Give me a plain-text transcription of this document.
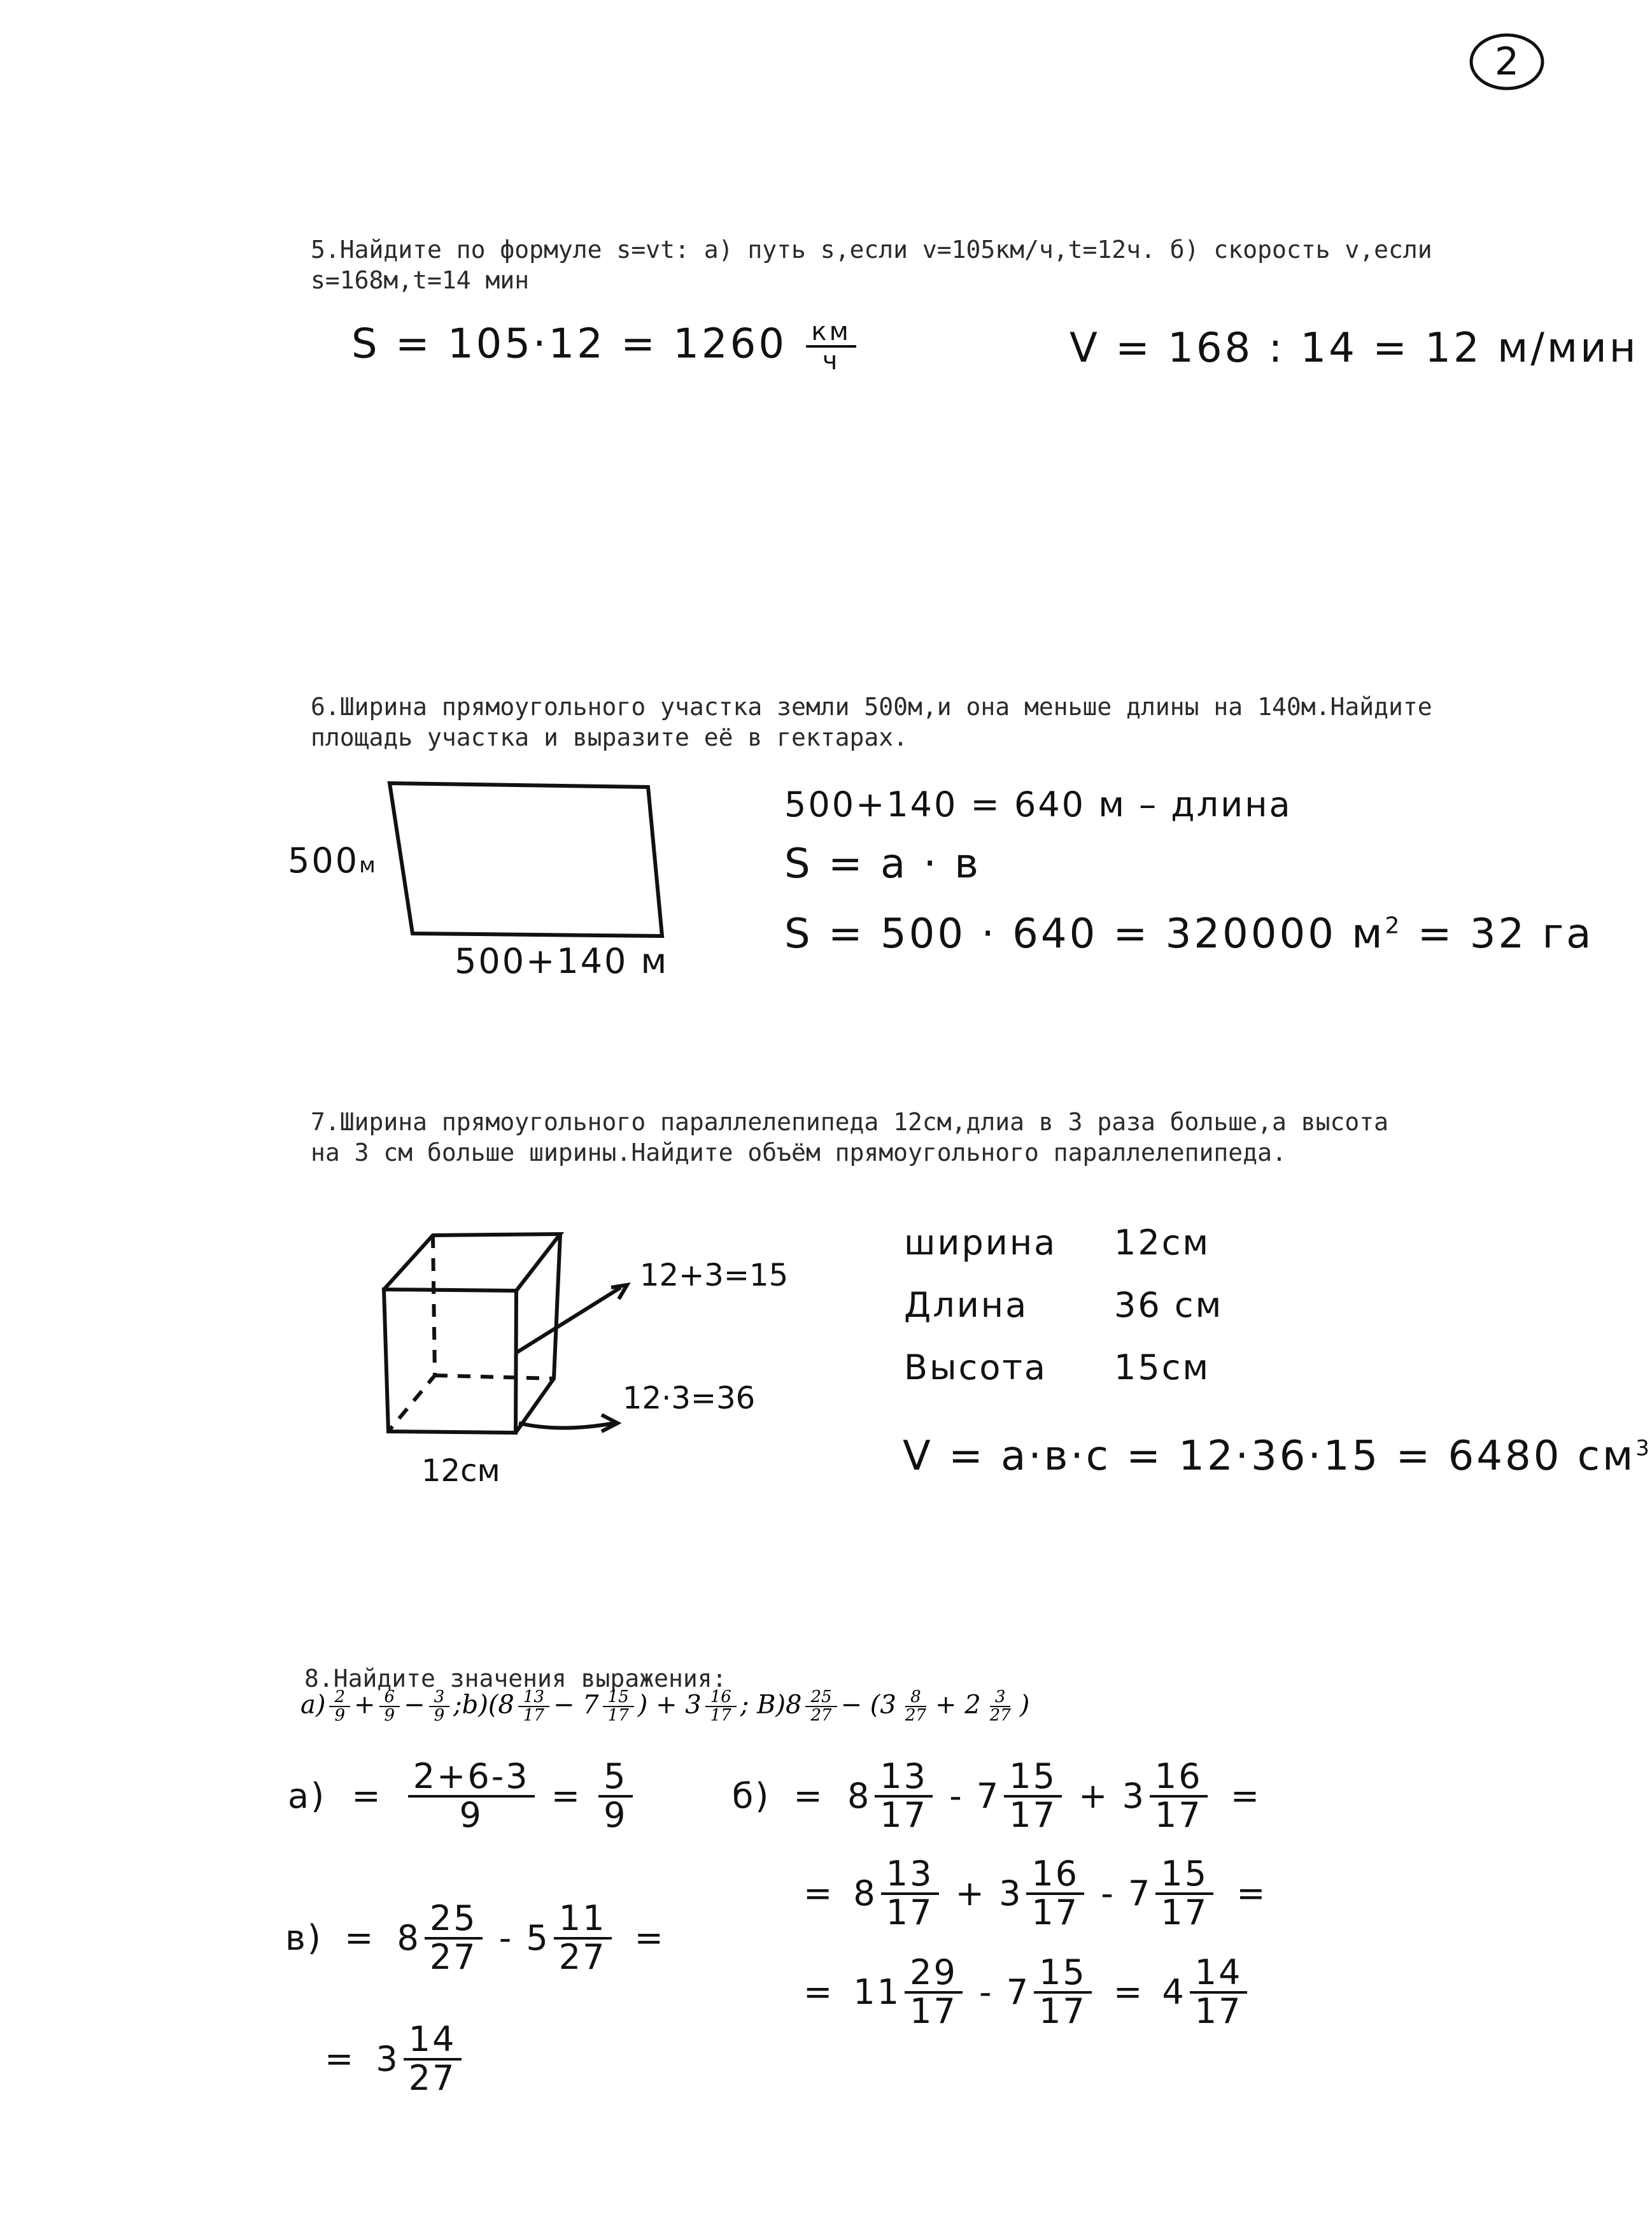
2
5.Найдите по формуле s=vt: а) путь s,если v=105км/ч,t=12ч. б) скорость v,если
s=168м,t=14 мин
$S = 105\cdot 12 = 1260 \frac{км}{ч}$	V = 168 : 14 = 12 м/мин
6.Ширина прямоугольного участка земли 500м,и она меньше длины на 140м.Найдите
площадь участка и выразите её в гектарах.
500м
500+140 м
500+140 = 640 м – длина
S = a · в
S = 500 · 640 = 320000 $м^2 = 32$ га
7.Ширина прямоугольного параллелепипеда 12см,длиа в 3 раза больше,а высота
на 3 см больше ширины.Найдите объём прямоугольного параллелепипеда.
12+3=15
12·3=36
12см
ширина 12см
Длина 36 см
Высота 15см
V = a·в·c = 12·36·15 = 6480 $см^3$
8.Найдите значения выражения:
$a) \frac{2}{9} + \frac{6}{9} - \frac{3}{9}$ ;b)(8 $\frac{13}{17} - 7 \frac{15}{17}$ ) + $3 \frac{16}{17}$ ; $B)8 \frac{25}{27} - (3 \frac{8}{27} + 2 \frac{3}{27}$ )
$а) = \frac{2+6-3}{9} = \frac{5}{9}$	$б) = 8 \frac{13}{17} - 7 \frac{15}{17} + 3 \frac{16}{17}$ =
= $8 \frac{13}{17} + 3 \frac{16}{17} - 7 \frac{15}{17}$ =
= $11 \frac{29}{17} - 7 \frac{15}{17} = 4 \frac{14}{17}$
$в) = 8 \frac{25}{27} - 5 \frac{11}{27}$ =
= $3 \frac{14}{27}$
